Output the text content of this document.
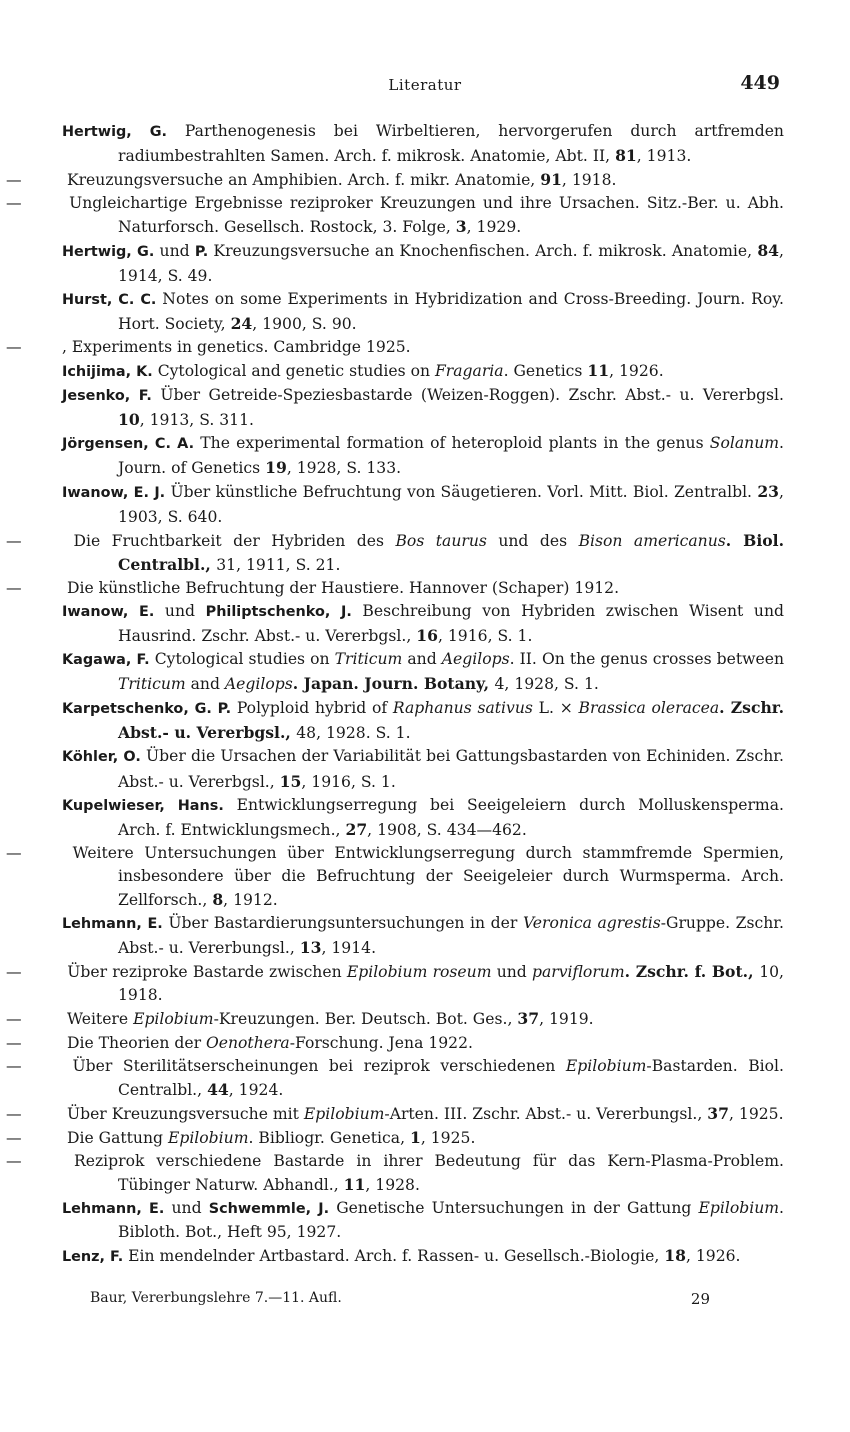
Literatur	449
Hertwig, G. Parthenogenesis bei Wirbeltieren, hervorgerufen durch artfremden radiumbestrahlten Samen. Arch. f. mikrosk. Anatomie, Abt. II, 81, 1913.
—	Kreuzungsversuche an Amphibien. Arch. f. mikr. Anatomie, 91, 1918.
—	Ungleichartige Ergebnisse reziproker Kreuzungen und ihre Ursachen. Sitz.-Ber. u. Abh. Naturforsch. Gesellsch. Rostock, 3. Folge, 3, 1929.
Hertwig, G. und P. Kreuzungsversuche an Knochenfischen. Arch. f. mikrosk. Anatomie, 84, 1914, S. 49.
Hurst, C. C. Notes on some Experiments in Hybridization and Cross-Breeding. Journ. Roy. Hort. Society, 24, 1900, S. 90.
—	, Experiments in genetics. Cambridge 1925.
Ichijima, K. Cytological and genetic studies on Fragaria. Genetics 11, 1926.
Jesenko, F. Über Getreide-Speziesbastarde (Weizen-Roggen). Zschr. Abst.- u. Vererbgsl. 10, 1913, S. 311.
Jörgensen, C. A. The experimental formation of heteroploid plants in the genus Solanum. Journ. of Genetics 19, 1928, S. 133.
Iwanow, E. J. Über künstliche Befruchtung von Säugetieren. Vorl. Mitt. Biol. Zentralbl. 23, 1903, S. 640.
—	Die Fruchtbarkeit der Hybriden des Bos taurus und des Bison americanus. Biol. Centralbl., 31, 1911, S. 21.
—	Die künstliche Befruchtung der Haustiere. Hannover (Schaper) 1912.
Iwanow, E. und Philiptschenko, J. Beschreibung von Hybriden zwischen Wisent und Hausrind. Zschr. Abst.- u. Vererbgsl., 16, 1916, S. 1.
Kagawa, F. Cytological studies on Triticum and Aegilops. II. On the genus crosses between Triticum and Aegilops. Japan. Journ. Botany, 4, 1928, S. 1.
Karpetschenko, G. P. Polyploid hybrid of Raphanus sativus L. × Brassica oleracea. Zschr. Abst.- u. Vererbgsl., 48, 1928. S. 1.
Köhler, O. Über die Ursachen der Variabilität bei Gattungsbastarden von Echiniden. Zschr. Abst.- u. Vererbgsl., 15, 1916, S. 1.
Kupelwieser, Hans. Entwicklungserregung bei Seeigeleiern durch Molluskensperma. Arch. f. Entwicklungsmech., 27, 1908, S. 434—462.
—	Weitere Untersuchungen über Entwicklungserregung durch stammfremde Spermien, insbesondere über die Befruchtung der Seeigeleier durch Wurmsperma. Arch. Zellforsch., 8, 1912.
Lehmann, E. Über Bastardierungsuntersuchungen in der Veronica agrestis-Gruppe. Zschr. Abst.- u. Vererbungsl., 13, 1914.
—	Über reziproke Bastarde zwischen Epilobium roseum und parviflorum. Zschr. f. Bot., 10, 1918.
—	Weitere Epilobium-Kreuzungen. Ber. Deutsch. Bot. Ges., 37, 1919.
—	Die Theorien der Oenothera-Forschung. Jena 1922.
—	Über Sterilitätserscheinungen bei reziprok verschiedenen Epilobium-Bastarden. Biol. Centralbl., 44, 1924.
—	Über Kreuzungsversuche mit Epilobium-Arten. III. Zschr. Abst.- u. Vererbungsl., 37, 1925.
—	Die Gattung Epilobium. Bibliogr. Genetica, 1, 1925.
—	Reziprok verschiedene Bastarde in ihrer Bedeutung für das Kern-Plasma-Problem. Tübinger Naturw. Abhandl., 11, 1928.
Lehmann, E. und Schwemmle, J. Genetische Untersuchungen in der Gattung Epilobium. Bibloth. Bot., Heft 95, 1927.
Lenz, F. Ein mendelnder Artbastard. Arch. f. Rassen- u. Gesellsch.-Biologie, 18, 1926.
Baur, Vererbungslehre 7.—11. Aufl.	29
